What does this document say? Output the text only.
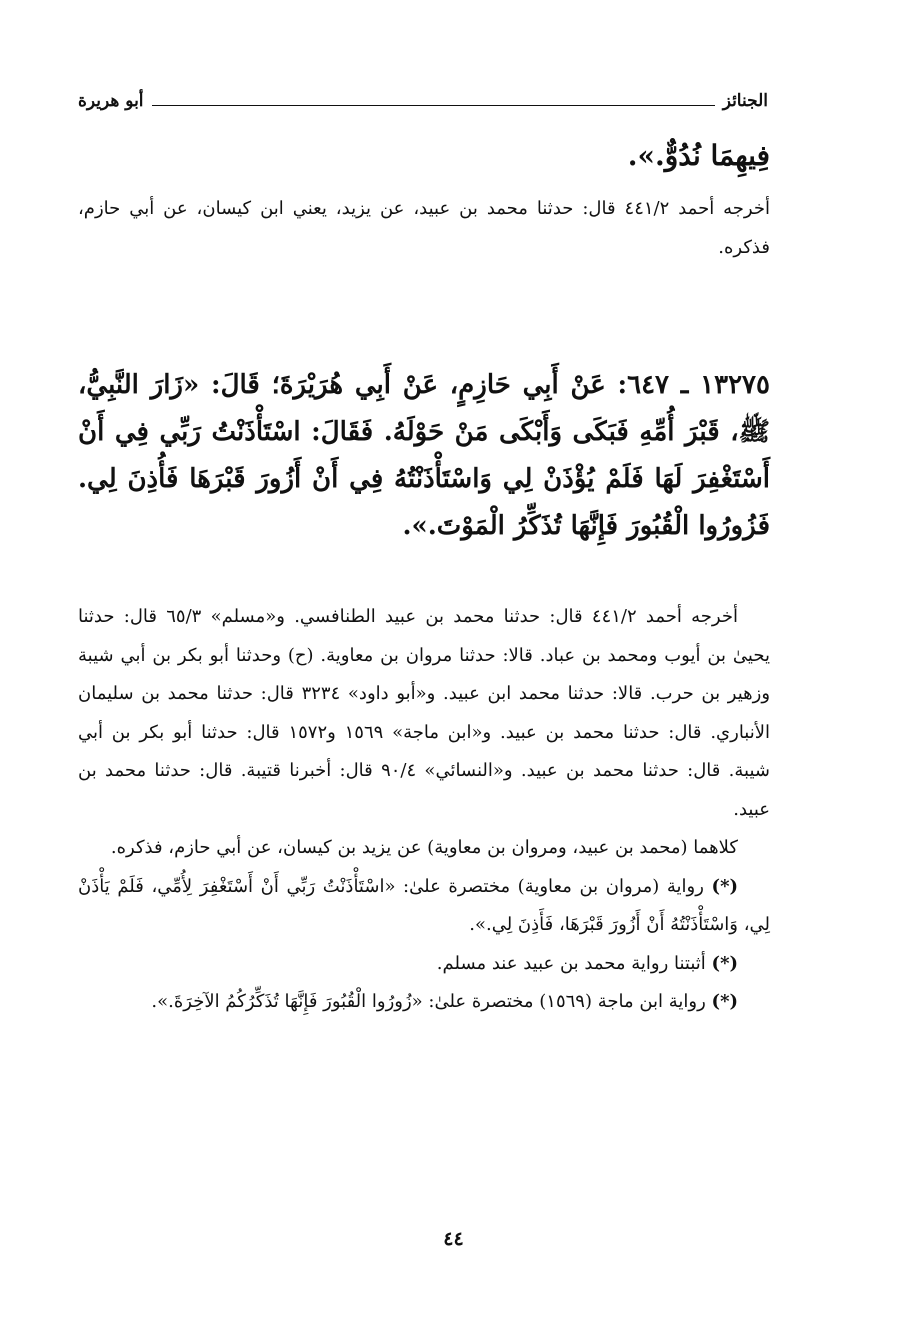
الجنائز
أبو هريرة
فِيهِمَا نُدُوٌّ.».

أخرجه أحمد ٤٤١/٢ قال: حدثنا محمد بن عبيد، عن يزيد، يعني ابن كيسان، عن أبي حازم، فذكره.

١٣٢٧٥ ـ ٦٤٧: عَنْ أَبِي حَازِمٍ، عَنْ أَبِي هُرَيْرَةَ؛ قَالَ: «زَارَ النَّبِيُّ، ﷺ، قَبْرَ أُمِّهِ فَبَكَى وَأَبْكَى مَنْ حَوْلَهُ. فَقَالَ: اسْتَأْذَنْتُ رَبِّي فِي أَنْ أَسْتَغْفِرَ لَهَا فَلَمْ يُؤْذَنْ لِي وَاسْتَأْذَنْتُهُ فِي أَنْ أَزُورَ قَبْرَهَا فَأُذِنَ لِي. فَزُورُوا الْقُبُورَ فَإِنَّهَا تُذَكِّرُ الْمَوْتَ.».

أخرجه أحمد ٤٤١/٢ قال: حدثنا محمد بن عبيد الطنافسي. و«مسلم» ٦٥/٣ قال: حدثنا يحيىٰ بن أيوب ومحمد بن عباد. قالا: حدثنا مروان بن معاوية. (ح) وحدثنا أبو بكر بن أبي شيبة وزهير بن حرب. قالا: حدثنا محمد ابن عبيد. و«أبو داود» ٣٢٣٤ قال: حدثنا محمد بن سليمان الأنباري. قال: حدثنا محمد بن عبيد. و«ابن ماجة» ١٥٦٩ و١٥٧٢ قال: حدثنا أبو بكر بن أبي شيبة. قال: حدثنا محمد بن عبيد. و«النسائي» ٩٠/٤ قال: أخبرنا قتيبة. قال: حدثنا محمد بن عبيد.

كلاهما (محمد بن عبيد، ومروان بن معاوية) عن يزيد بن كيسان، عن أبي حازم، فذكره.

(*) رواية (مروان بن معاوية) مختصرة علىٰ: «اسْتَأْذَنْتُ رَبِّي أَنْ أَسْتَغْفِرَ لِأُمِّي، فَلَمْ يَأْذَنْ لِي، وَاسْتَأْذَنْتُهُ أَنْ أَزُورَ قَبْرَهَا، فَأَذِنَ لِي.».

(*) أثبتنا رواية محمد بن عبيد عند مسلم.

(*) رواية ابن ماجة (١٥٦٩) مختصرة علىٰ: «زُورُوا الْقُبُورَ فَإِنَّهَا تُذَكِّرُكُمُ الآخِرَةَ.».

٤٤
